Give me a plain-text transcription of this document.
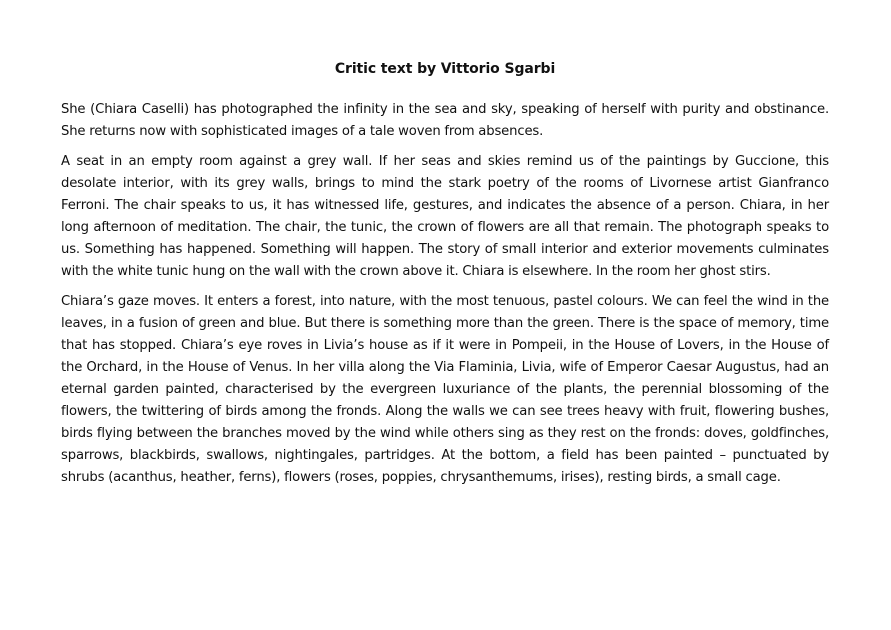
Critic text by Vittorio Sgarbi

She (Chiara Caselli) has photographed the infinity in the sea and sky, speaking of herself with purity and obstinance. She returns now with sophisticated images of a tale woven from absences.

A seat in an empty room against a grey wall. If her seas and skies remind us of the paintings by Guccione, this desolate interior, with its grey walls, brings to mind the stark poetry of the rooms of Livornese artist Gianfranco Ferroni. The chair speaks to us, it has witnessed life, gestures, and indicates the absence of a person. Chiara, in her long afternoon of meditation. The chair, the tunic, the crown of flowers are all that remain. The photograph speaks to us. Something has happened. Something will happen. The story of small interior and exterior movements culminates with the white tunic hung on the wall with the crown above it. Chiara is elsewhere. In the room her ghost stirs.

Chiara’s gaze moves. It enters a forest, into nature, with the most tenuous, pastel colours. We can feel the wind in the leaves, in a fusion of green and blue. But there is something more than the green. There is the space of memory, time that has stopped. Chiara’s eye roves in Livia’s house as if it were in Pompeii, in the House of Lovers, in the House of the Orchard, in the House of Venus. In her villa along the Via Flaminia, Livia, wife of Emperor Caesar Augustus, had an eternal garden painted, characterised by the evergreen luxuriance of the plants, the perennial blossoming of the flowers, the twittering of birds among the fronds. Along the walls we can see trees heavy with fruit, flowering bushes, birds flying between the branches moved by the wind while others sing as they rest on the fronds: doves, goldfinches, sparrows, blackbirds, swallows, nightingales, partridges. At the bottom, a field has been painted – punctuated by shrubs (acanthus, heather, ferns), flowers (roses, poppies, chrysanthemums, irises), resting birds, a small cage.
